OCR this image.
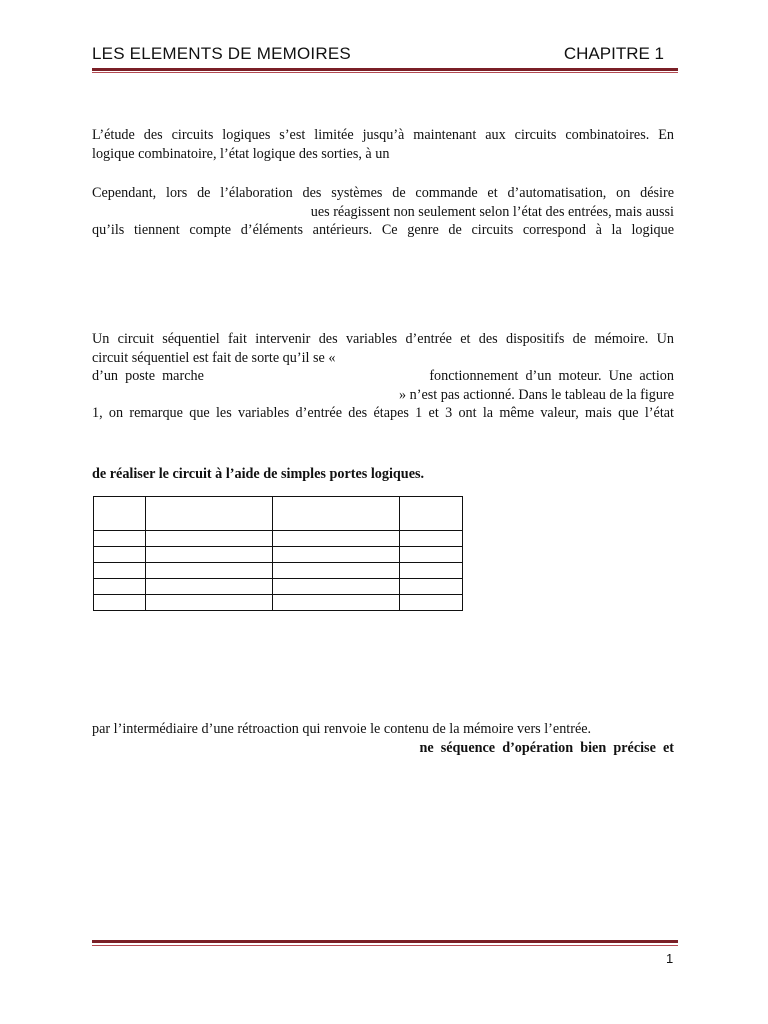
LES ELEMENTS DE MEMOIRES	CHAPITRE 1
L’étude des circuits logiques s’est limitée jusqu’à maintenant aux circuits combinatoires. En
logique combinatoire, l’état logique des sorties, à un
Cependant, lors de l’élaboration des systèmes de commande et d’automatisation, on désire
ues réagissent non seulement selon l’état des entrées, mais aussi
qu’ils tiennent compte d’éléments antérieurs. Ce genre de circuits correspond à la logique
Un circuit séquentiel fait intervenir des variables d’entrée et des dispositifs de mémoire. Un
circuit séquentiel est fait de sorte qu’il se «
d’un  poste  marche	fonctionnement  d’un  moteur.  Une  action
» n’est pas actionné. Dans le tableau de la figure
1, on remarque que les variables d’entrée des étapes 1 et 3 ont la même valeur, mais que l’état
de réaliser le circuit à l’aide de simples portes logiques.

par l’intermédiaire d’une rétroaction qui renvoie le contenu de la mémoire vers l’entrée.
ne  séquence  d’opération  bien  précise  et
1
